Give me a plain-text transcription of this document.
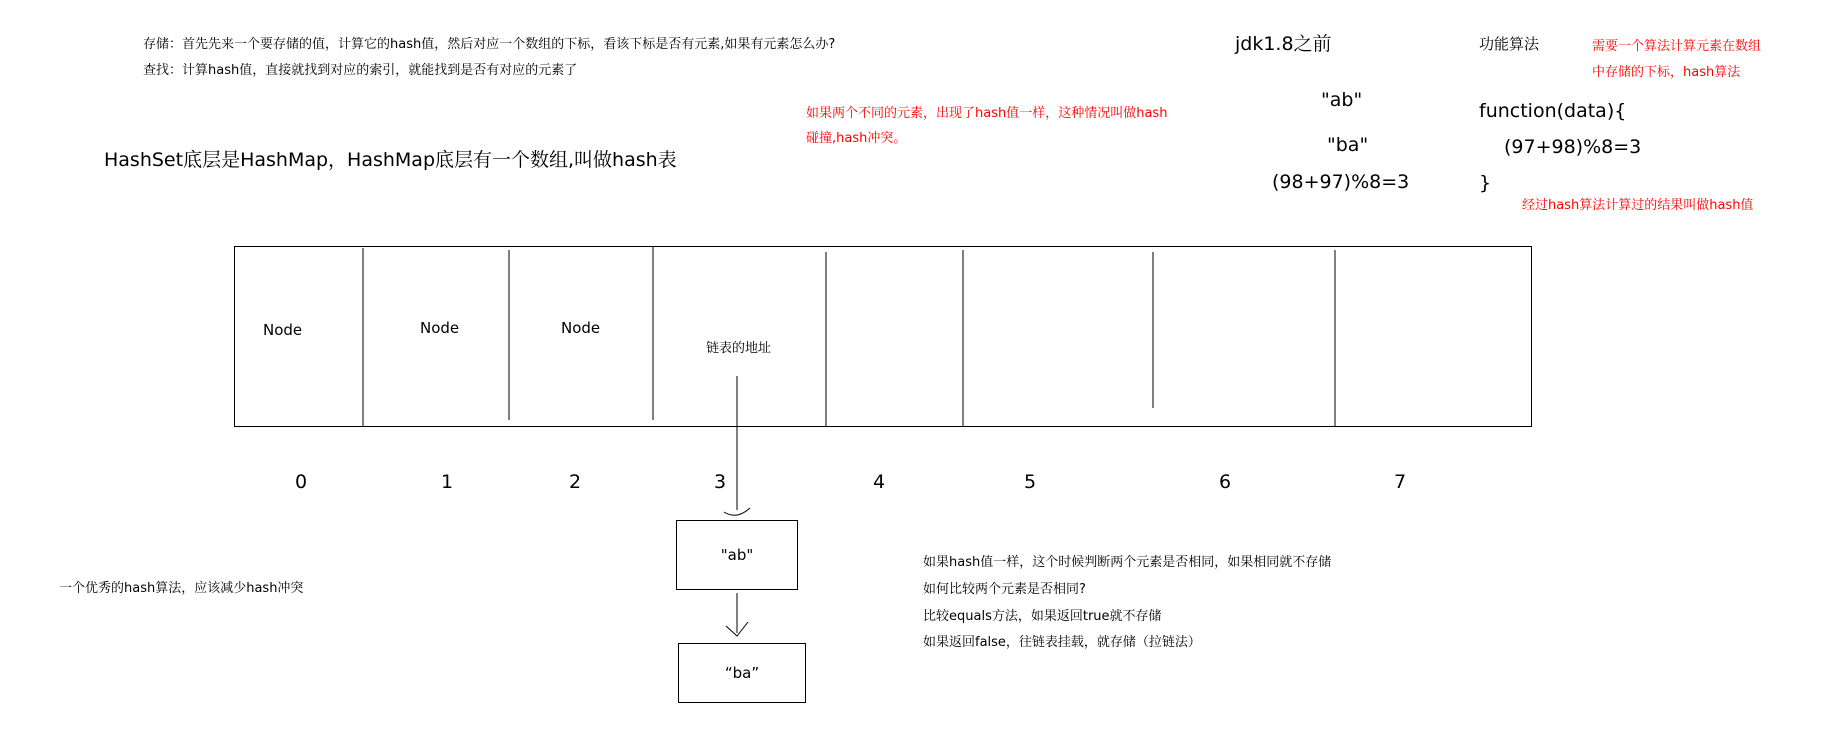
存储：首先先来一个要存储的值，计算它的hash值，然后对应一个数组的下标，看该下标是否有元素,如果有元素怎么办?
查找：计算hash值，直接就找到对应的索引，就能找到是否有对应的元素了
HashSet底层是HashMap，HashMap底层有一个数组,叫做hash表
如果两个不同的元素，出现了hash值一样，这种情况叫做hash
碰撞,hash冲突。
jdk1.8之前
"ab"
"ba"
(98+97)%8=3
功能算法	需要一个算法计算元素在数组
中存储的下标，hash算法
function(data){
(97+98)%8=3
}
经过hash算法计算过的结果叫做hash值
Node	Node	Node
链表的地址
0	1	2	3	4	5	6	7
"ab"
“ba”
一个优秀的hash算法，应该减少hash冲突
如果hash值一样，这个时候判断两个元素是否相同，如果相同就不存储
如何比较两个元素是否相同?
比较equals方法，如果返回true就不存储
如果返回false，往链表挂载，就存储（拉链法）
